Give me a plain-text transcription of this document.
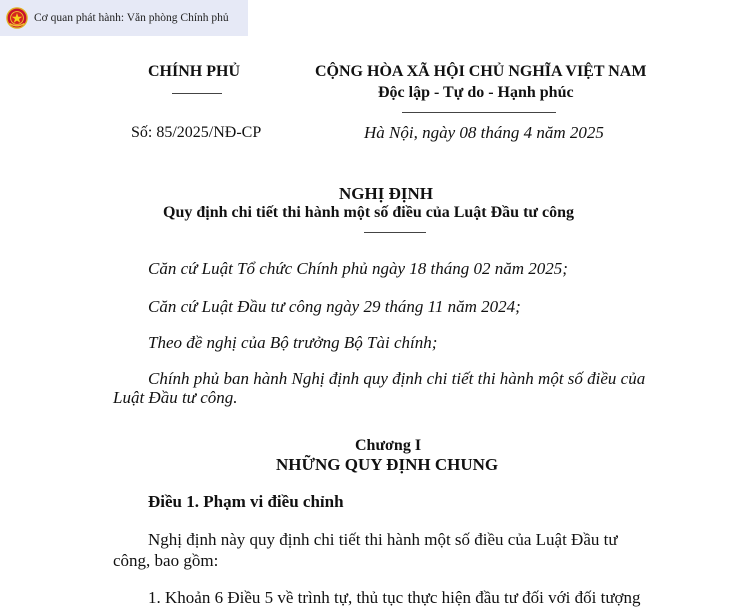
Cơ quan phát hành: Văn phòng Chính phủ
CHÍNH PHỦ	CỘNG HÒA XÃ HỘI CHỦ NGHĨA VIỆT NAM
Độc lập - Tự do - Hạnh phúc
Số: 85/2025/NĐ-CP	Hà Nội, ngày 08 tháng 4 năm 2025
NGHỊ ĐỊNH
Quy định chi tiết thi hành một số điều của Luật Đầu tư công
Căn cứ Luật Tổ chức Chính phủ ngày 18 tháng 02 năm 2025;
Căn cứ Luật Đầu tư công ngày 29 tháng 11 năm 2024;
Theo đề nghị của Bộ trưởng Bộ Tài chính;
Chính phủ ban hành Nghị định quy định chi tiết thi hành một số điều của
Luật Đầu tư công.
Chương I
NHỮNG QUY ĐỊNH CHUNG
Điều 1. Phạm vi điều chỉnh
Nghị định này quy định chi tiết thi hành một số điều của Luật Đầu tư
công, bao gồm:
1. Khoản 6 Điều 5 về trình tự, thủ tục thực hiện đầu tư đối với đối tượng
